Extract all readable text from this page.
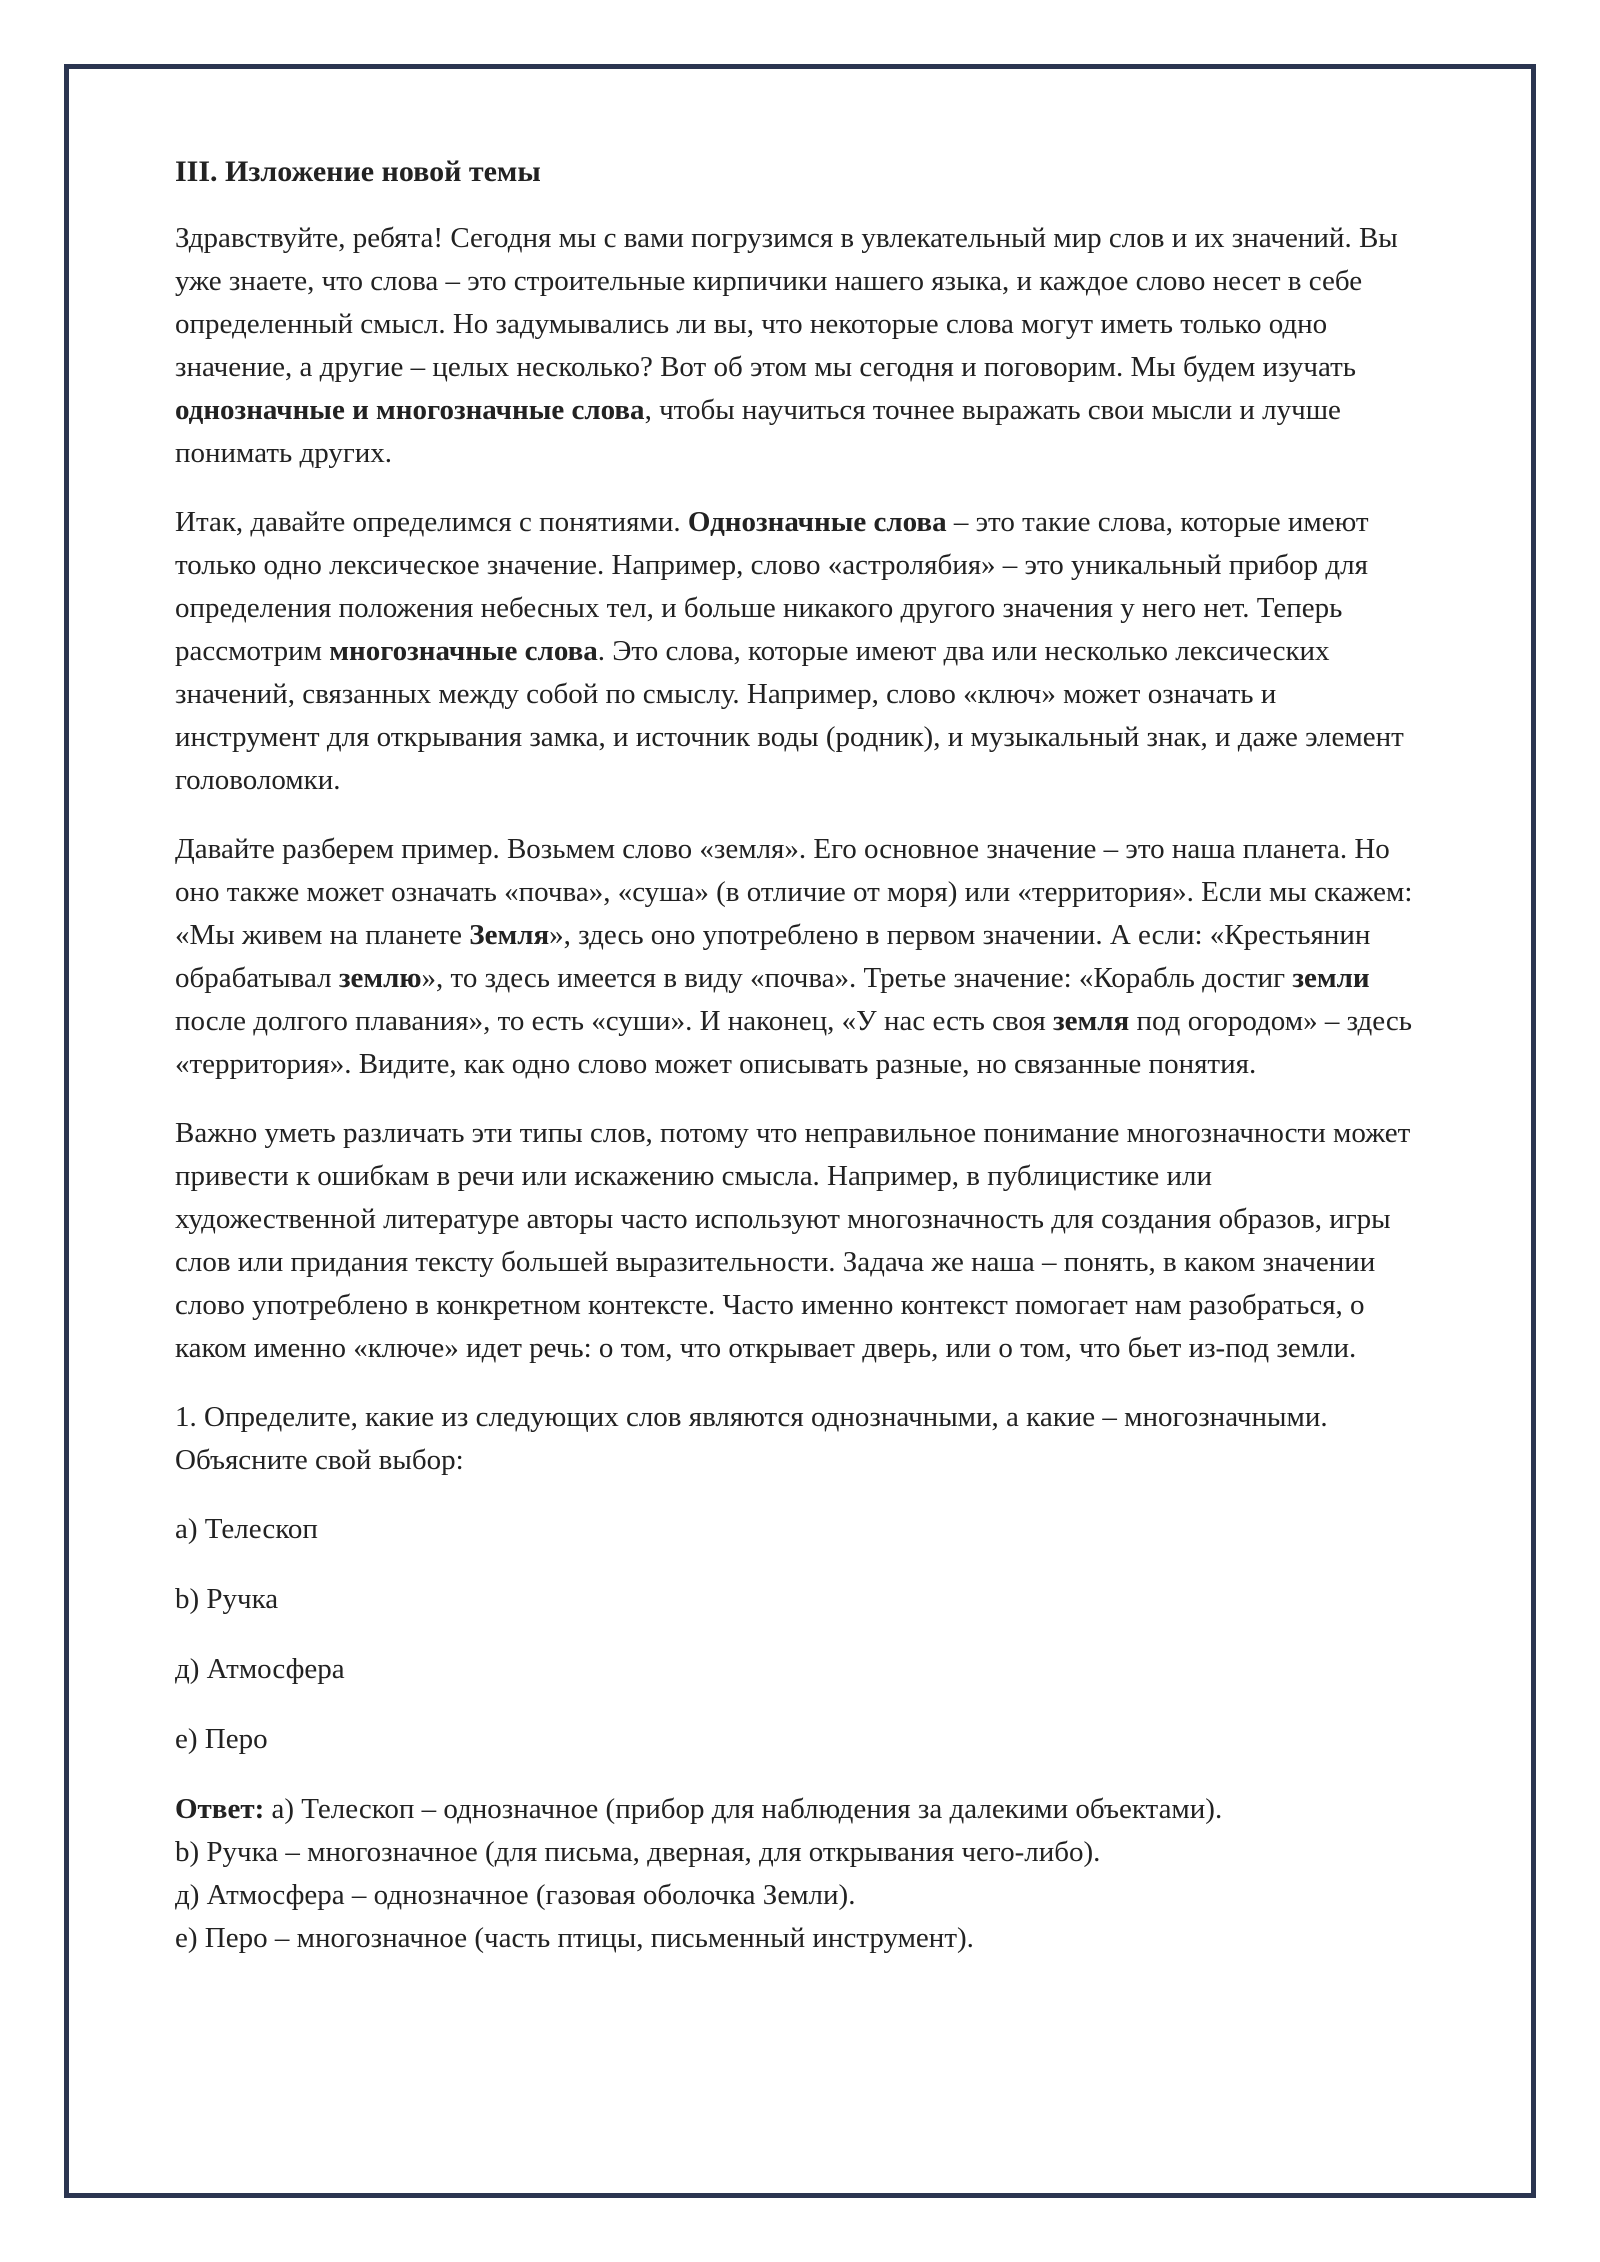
III. Изложение новой темы

Здравствуйте, ребята! Сегодня мы с вами погрузимся в увлекательный мир слов и их значений. Вы уже знаете, что слова – это строительные кирпичики нашего языка, и каждое слово несет в себе определенный смысл. Но задумывались ли вы, что некоторые слова могут иметь только одно значение, а другие – целых несколько? Вот об этом мы сегодня и поговорим. Мы будем изучать однозначные и многозначные слова, чтобы научиться точнее выражать свои мысли и лучше понимать других.

Итак, давайте определимся с понятиями. Однозначные слова – это такие слова, которые имеют только одно лексическое значение. Например, слово «астролябия» – это уникальный прибор для определения положения небесных тел, и больше никакого другого значения у него нет. Теперь рассмотрим многозначные слова. Это слова, которые имеют два или несколько лексических значений, связанных между собой по смыслу. Например, слово «ключ» может означать и инструмент для открывания замка, и источник воды (родник), и музыкальный знак, и даже элемент головоломки.

Давайте разберем пример. Возьмем слово «земля». Его основное значение – это наша планета. Но оно также может означать «почва», «суша» (в отличие от моря) или «территория». Если мы скажем: «Мы живем на планете Земля», здесь оно употреблено в первом значении. А если: «Крестьянин обрабатывал землю», то здесь имеется в виду «почва». Третье значение: «Корабль достиг земли после долгого плавания», то есть «суши». И наконец, «У нас есть своя земля под огородом» – здесь «территория». Видите, как одно слово может описывать разные, но связанные понятия.

Важно уметь различать эти типы слов, потому что неправильное понимание многозначности может привести к ошибкам в речи или искажению смысла. Например, в публицистике или художественной литературе авторы часто используют многозначность для создания образов, игры слов или придания тексту большей выразительности. Задача же наша – понять, в каком значении слово употреблено в конкретном контексте. Часто именно контекст помогает нам разобраться, о каком именно «ключе» идет речь: о том, что открывает дверь, или о том, что бьет из-под земли.

1. Определите, какие из следующих слов являются однозначными, а какие – многозначными. Объясните свой выбор:

а) Телескоп

b) Ручка

д) Атмосфера

е) Перо

Ответ: а) Телескоп – однозначное (прибор для наблюдения за далекими объектами).
b) Ручка – многозначное (для письма, дверная, для открывания чего-либо).
д) Атмосфера – однозначное (газовая оболочка Земли).
е) Перо – многозначное (часть птицы, письменный инструмент).
